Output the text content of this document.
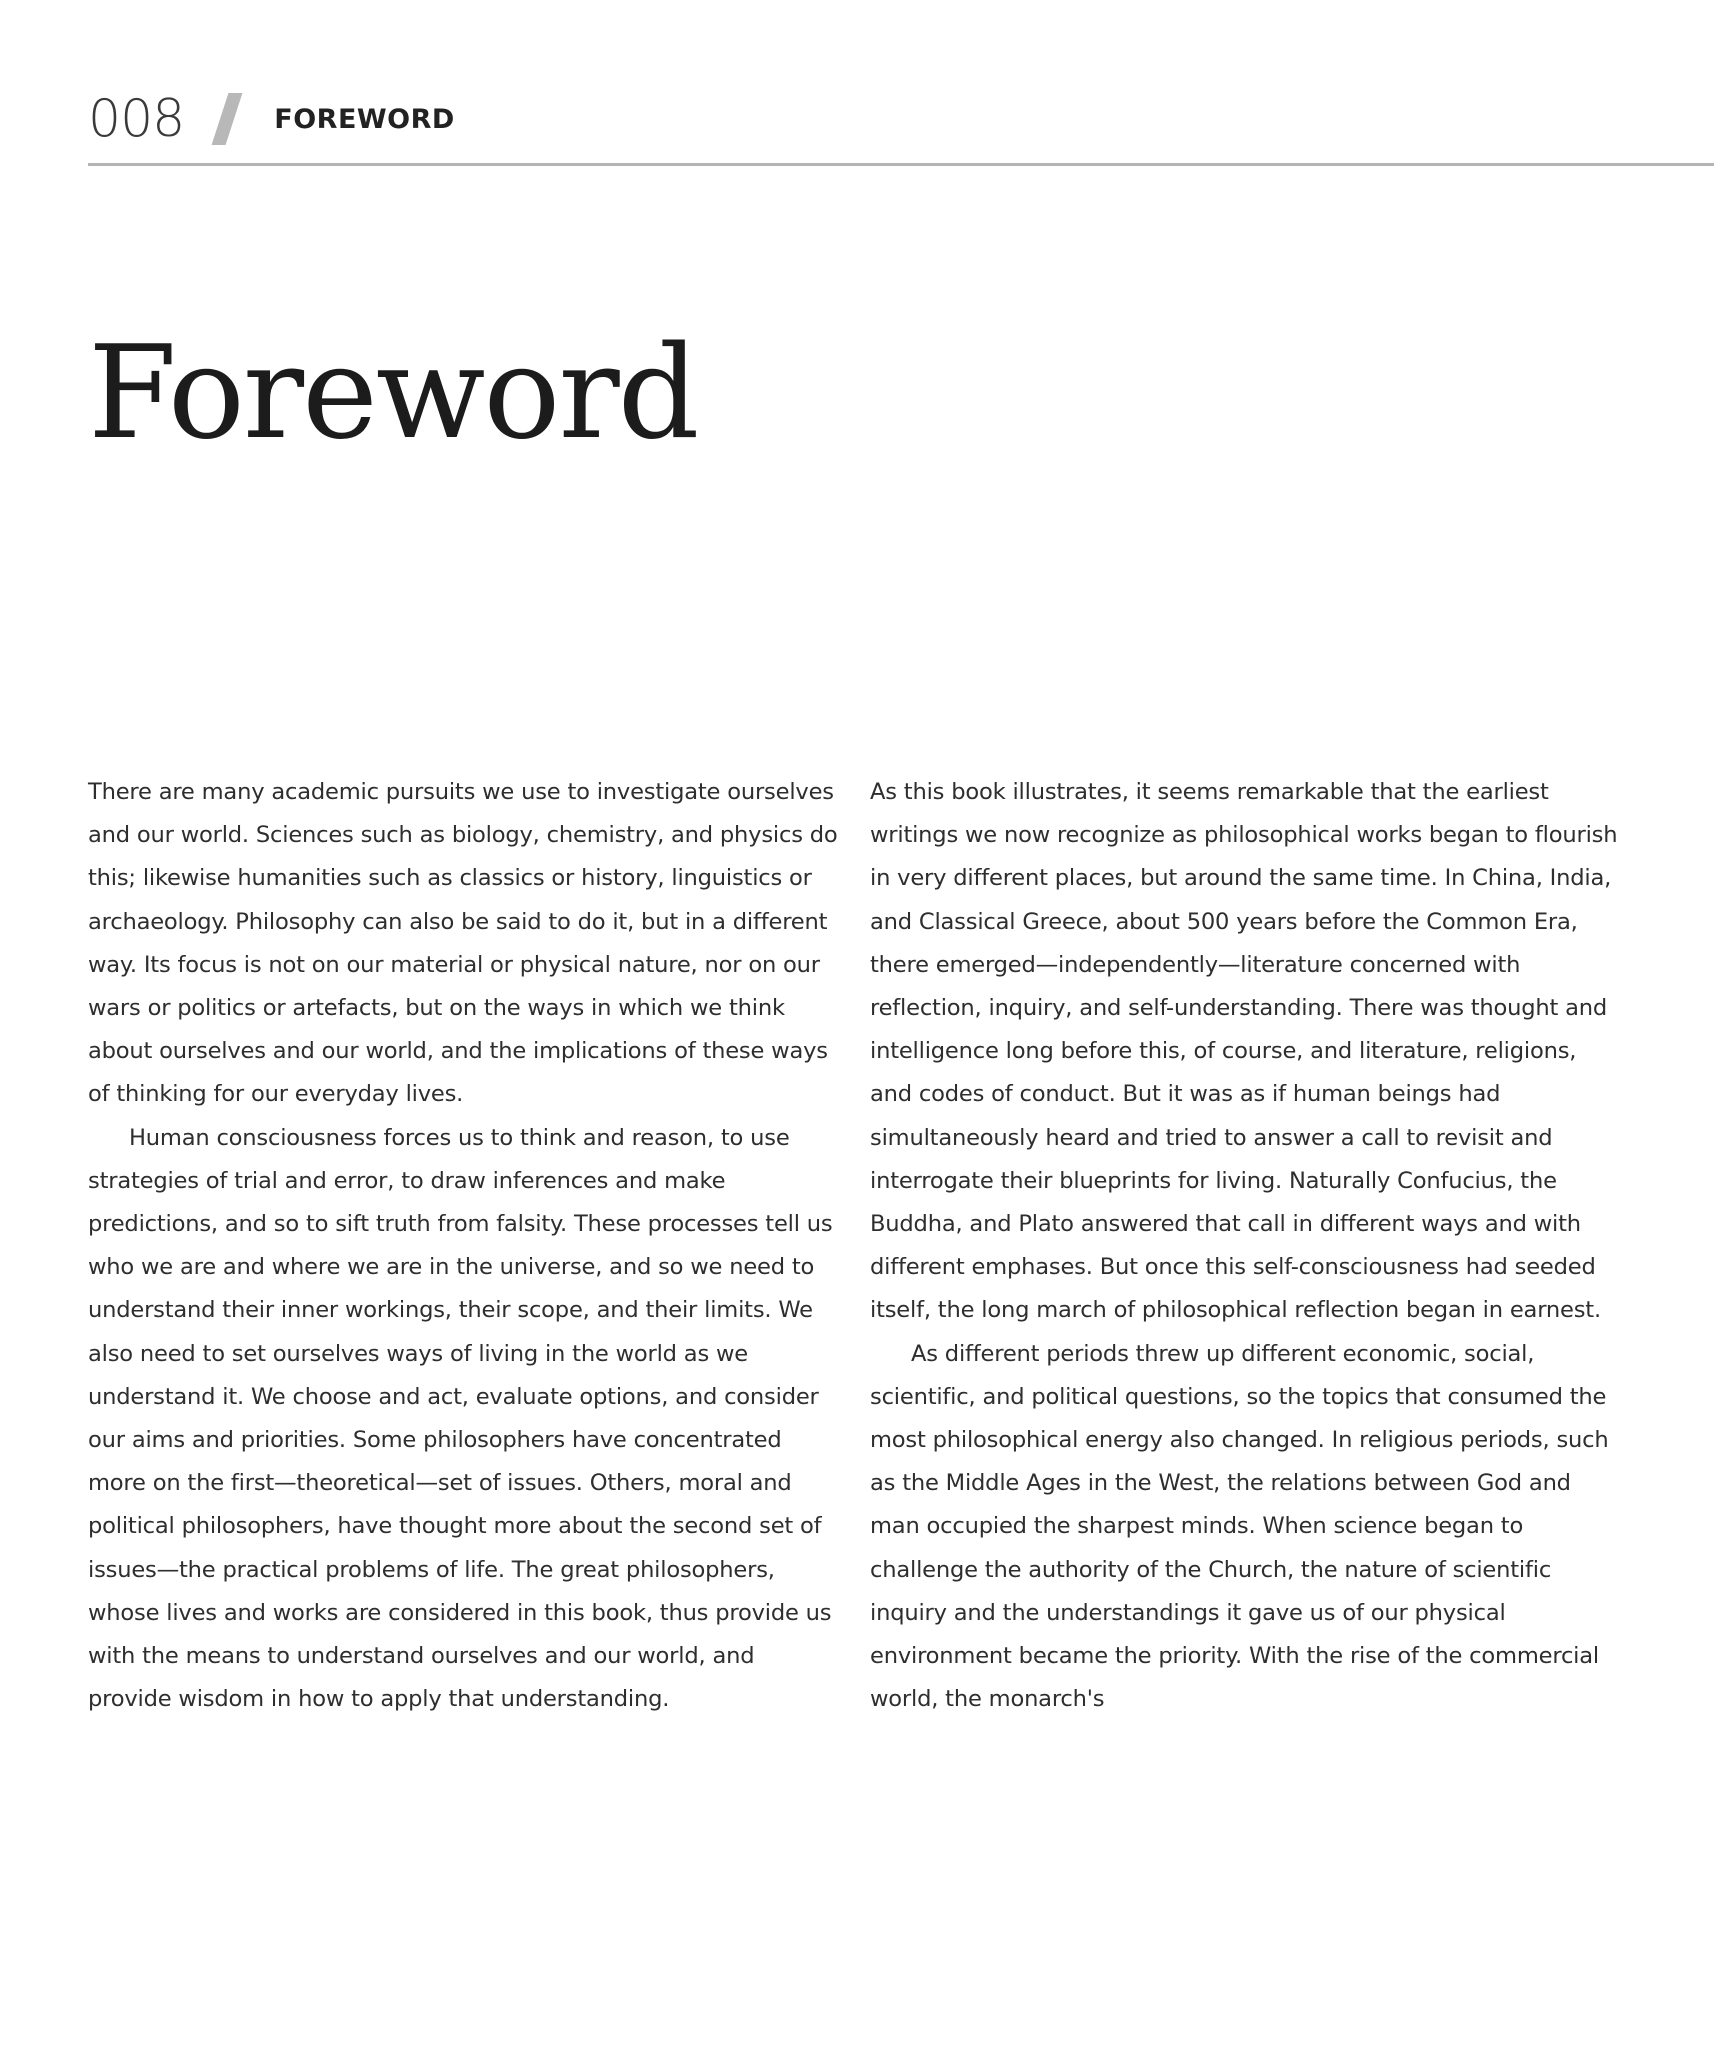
008	FOREWORD
Foreword

There are many academic pursuits we use to investigate ourselves and our world. Sciences such as biology, chemistry, and physics do this; likewise humanities such as classics or history, linguistics or archaeology. Philosophy can also be said to do it, but in a different way. Its focus is not on our material or physical nature, nor on our wars or politics or artefacts, but on the ways in which we think about ourselves and our world, and the implications of these ways of thinking for our everyday lives.

Human consciousness forces us to think and reason, to use strategies of trial and error, to draw inferences and make predictions, and so to sift truth from falsity. These processes tell us who we are and where we are in the universe, and so we need to understand their inner workings, their scope, and their limits. We also need to set ourselves ways of living in the world as we understand it. We choose and act, evaluate options, and consider our aims and priorities. Some philosophers have concentrated more on the first—theoretical—set of issues. Others, moral and political philosophers, have thought more about the second set of issues—the practical problems of life. The great philosophers, whose lives and works are considered in this book, thus provide us with the means to understand ourselves and our world, and provide wisdom in how to apply that understanding.

As this book illustrates, it seems remarkable that the earliest writings we now recognize as philosophical works began to flourish in very different places, but around the same time. In China, India, and Classical Greece, about 500 years before the Common Era, there emerged—independently—literature concerned with reflection, inquiry, and self-understanding. There was thought and intelligence long before this, of course, and literature, religions, and codes of conduct. But it was as if human beings had simultaneously heard and tried to answer a call to revisit and interrogate their blueprints for living. Naturally Confucius, the Buddha, and Plato answered that call in different ways and with different emphases. But once this self-consciousness had seeded itself, the long march of philosophical reflection began in earnest.

As different periods threw up different economic, social, scientific, and political questions, so the topics that consumed the most philosophical energy also changed. In religious periods, such as the Middle Ages in the West, the relations between God and man occupied the sharpest minds. When science began to challenge the authority of the Church, the nature of scientific inquiry and the understandings it gave us of our physical environment became the priority. With the rise of the commercial world, the monarch's
